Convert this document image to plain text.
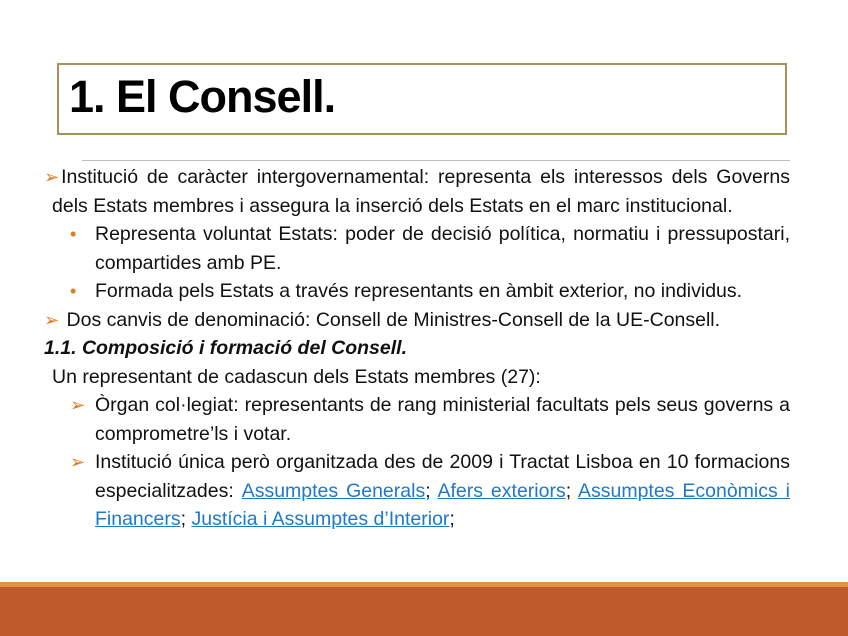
1. El Consell.

➢ Institució de caràcter intergovernamental: representa els interessos dels Governs dels Estats membres i assegura la inserció dels Estats en el marc institucional.

• Representa voluntat Estats: poder de decisió política, normatiu i pressupostari, compartides amb PE.

• Formada pels Estats a través representants en àmbit exterior, no individus.

➢ Dos canvis de denominació: Consell de Ministres-Consell de la UE-Consell.

1.1. Composició i formació del Consell.

Un representant de cadascun dels Estats membres (27):

➢ Òrgan col·legiat: representants de rang ministerial facultats pels seus governs a comprometre’ls i votar.

➢ Institució única però organitzada des de 2009 i Tractat Lisboa en 10 formacions especialitzades: Assumptes Generals; Afers exteriors; Assumptes Econòmics i Financers; Justícia i Assumptes d’Interior;
